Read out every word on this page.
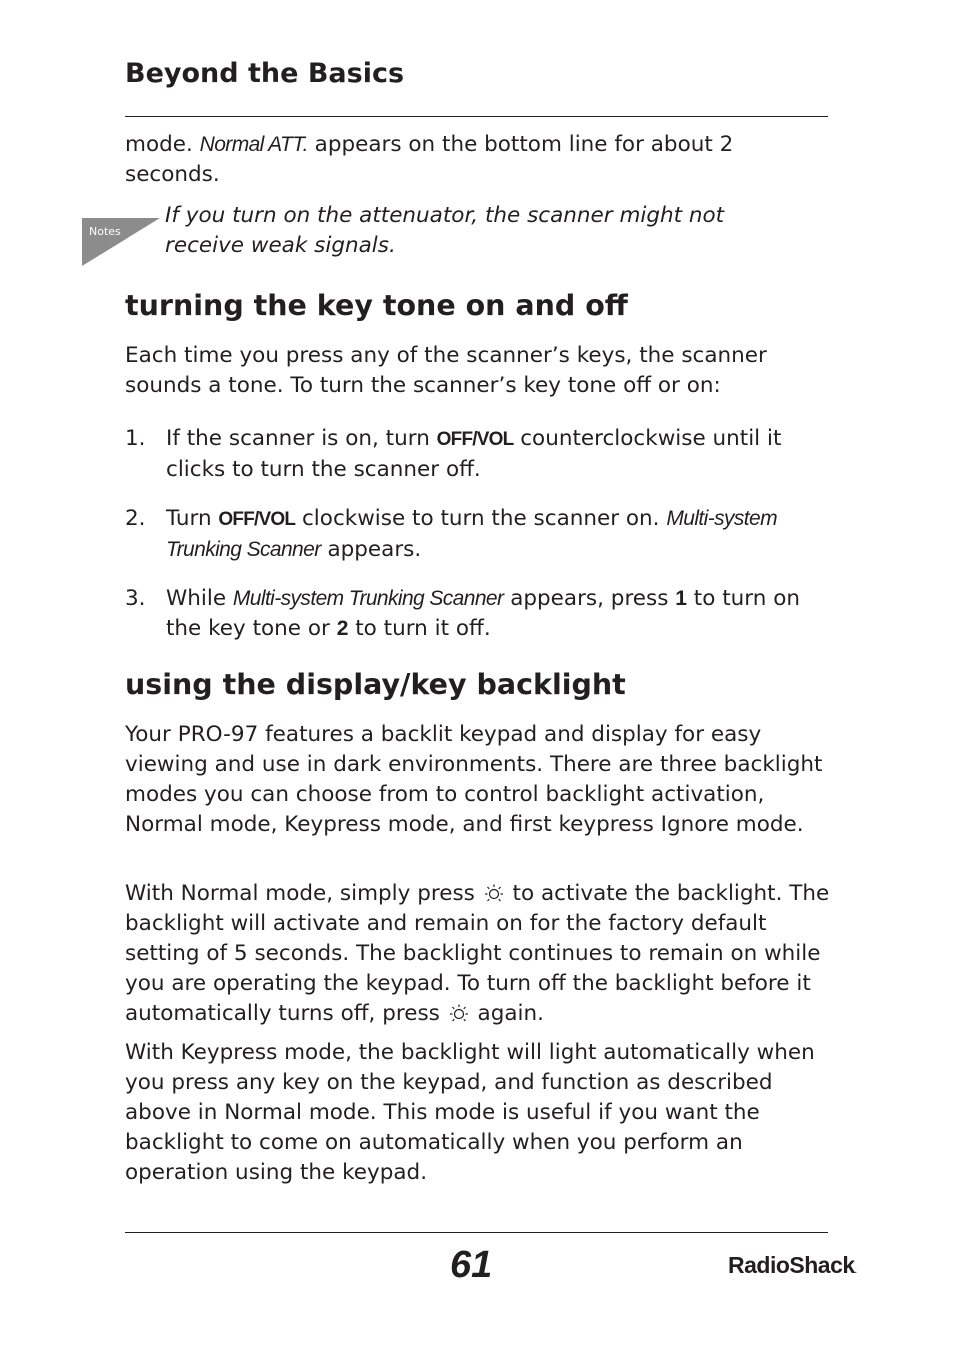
Beyond the Basics
mode. Normal ATT. appears on the bottom line for about 2 seconds.
Notes
If you turn on the attenuator, the scanner might not receive weak signals.
turning the key tone on and off
Each time you press any of the scanner’s keys, the scanner sounds a tone. To turn the scanner’s key tone off or on:
1. If the scanner is on, turn OFF/VOL counterclockwise until it clicks to turn the scanner off.
2. Turn OFF/VOL clockwise to turn the scanner on. Multi-system Trunking Scanner appears.
3. While Multi-system Trunking Scanner appears, press 1 to turn on the key tone or 2 to turn it off.
using the display/key backlight
Your PRO-97 features a backlit keypad and display for easy viewing and use in dark environments. There are three backlight modes you can choose from to control backlight activation, Normal mode, Keypress mode, and first keypress Ignore mode.
With Normal mode, simply press  to activate the backlight. The backlight will activate and remain on for the factory default setting of 5 seconds. The backlight continues to remain on while you are operating the keypad. To turn off the backlight before it automatically turns off, press  again.
With Keypress mode, the backlight will light automatically when you press any key on the keypad, and function as described above in Normal mode. This mode is useful if you want the backlight to come on automatically when you perform an operation using the keypad.
61	RadioShack.
